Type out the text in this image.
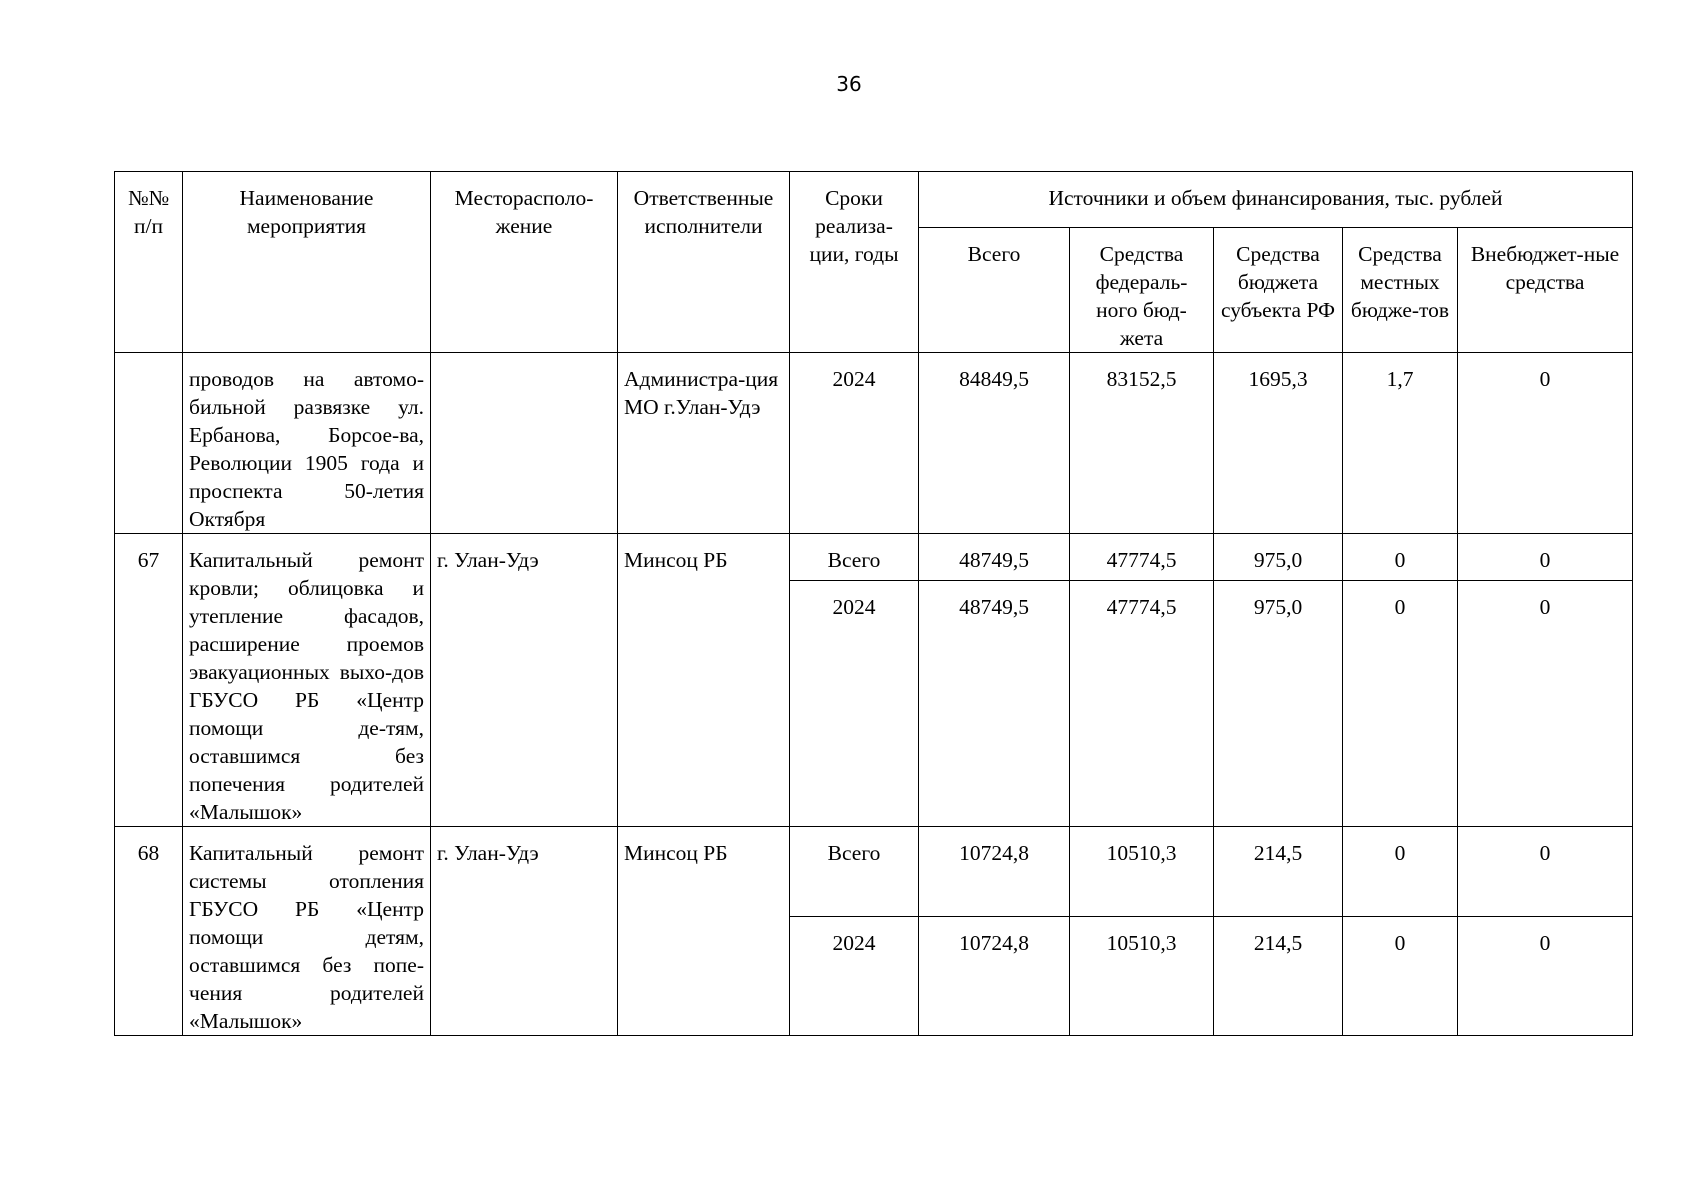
36
№№ п/п	Наименование мероприятия	Месторасполо-жение	Ответственные исполнители	Сроки реализа-ции, годы	Источники и объем финансирования, тыс. рублей				
					Всего	Средства федераль-ного бюд-жета	Средства бюджета субъекта РФ	Средства местных бюдже-тов	Внебюджет-ные средства
	проводов на автомо-бильной развязке ул. Ербанова, Борсое-ва, Революции 1905 года и проспекта 50-летия Октября		Администра-ция МО г.Улан-Удэ	2024	84849,5	83152,5	1695,3	1,7	0
67	Капитальный ремонт кровли; облицовка и утепление фасадов, расширение проемов эвакуационных выхо-дов ГБУСО РБ «Центр помощи де-тям, оставшимся без попечения родителей «Малышок»	г. Улан-Удэ	Минсоц РБ	Всего	48749,5	47774,5	975,0	0	0
				2024	48749,5	47774,5	975,0	0	0
68	Капитальный ремонт системы отопления ГБУСО РБ «Центр помощи детям, оставшимся без попе-чения родителей «Малышок»	г. Улан-Удэ	Минсоц РБ	Всего	10724,8	10510,3	214,5	0	0
				2024	10724,8	10510,3	214,5	0	0
